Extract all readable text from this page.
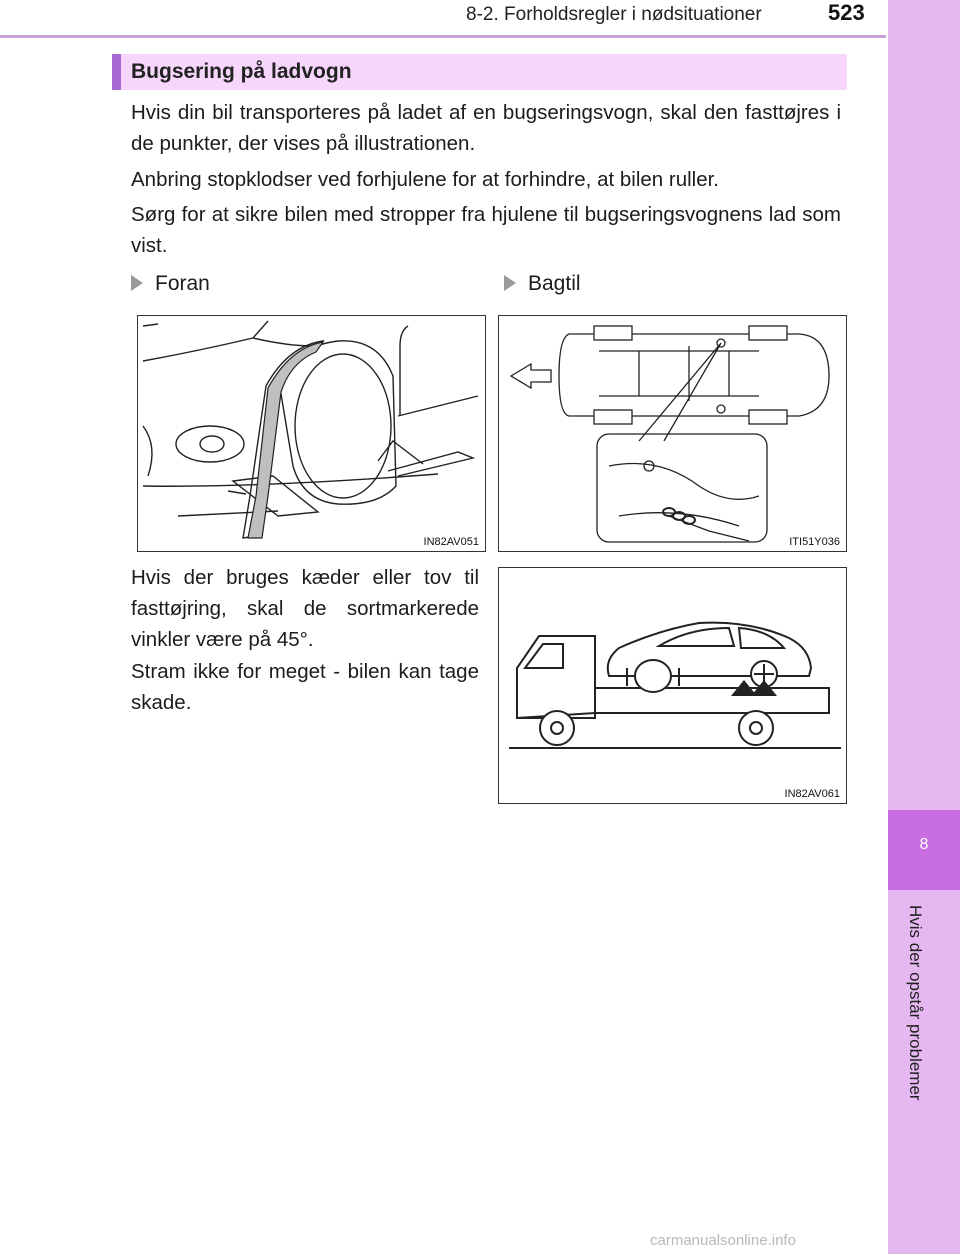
8-2. Forholdsregler i nødsituationer	523
8
Hvis der opstår problemer
Bugsering på ladvogn

Hvis din bil transporteres på ladet af en bugseringsvogn, skal den fasttøjres i de punkter, der vises på illustrationen.

Anbring stopklodser ved forhjulene for at forhindre, at bilen ruller.

Sørg for at sikre bilen med stropper fra hjulene til bugseringsvognens lad som vist.

Foran	Bagtil
IN82AV051	ITI51Y036

Hvis der bruges kæder eller tov til fasttøjring, skal de sortmarkerede vinkler være på 45°.

Stram ikke for meget - bilen kan tage skade.

IN82AV061
carmanualsonline.info
